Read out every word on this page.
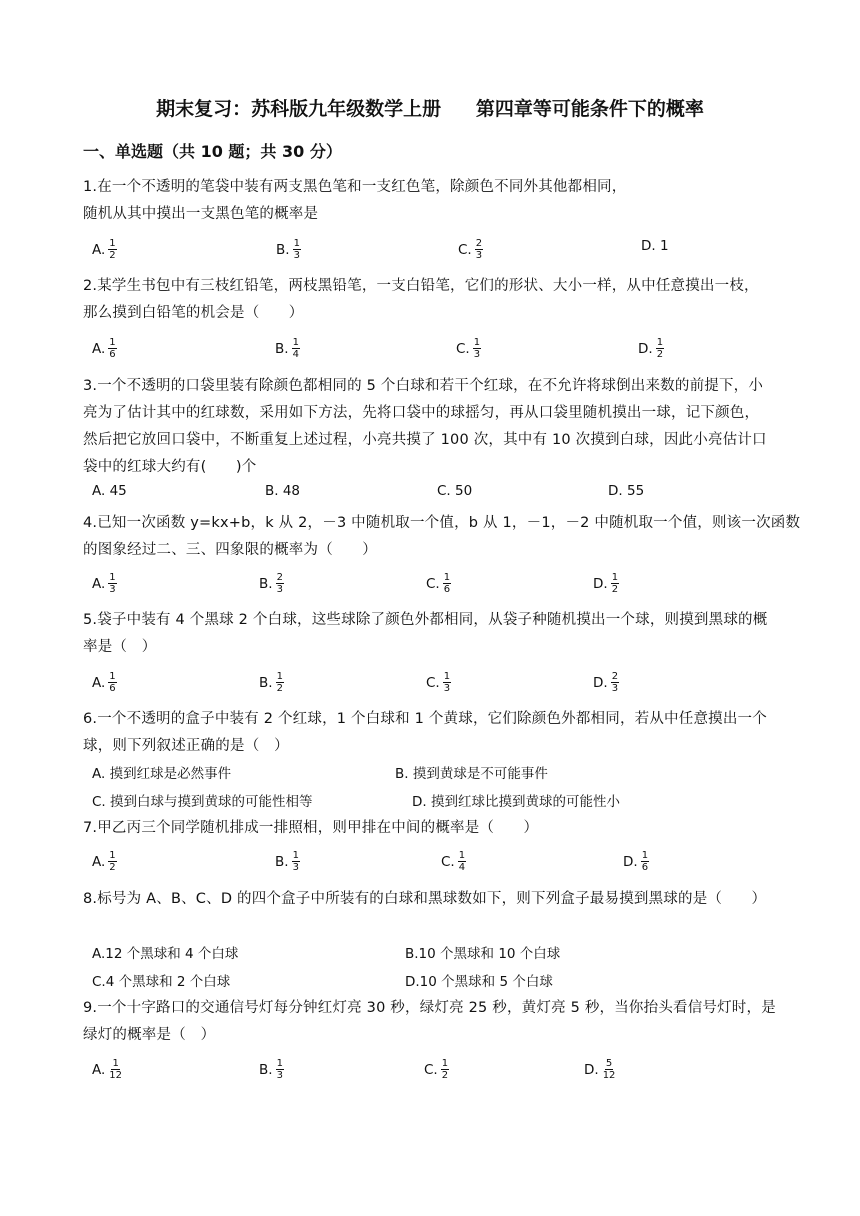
期末复习：苏科版九年级数学上册 第四章等可能条件下的概率
一、单选题（共 10 题；共 30 分）
1.在一个不透明的笔袋中装有两支黑色笔和一支红色笔，除颜色不同外其他都相同，
随机从其中摸出一支黑色笔的概率是
A. $\frac{1}{2}$	B. $\frac{1}{3}$	C. $\frac{2}{3}$	D. 1
2.某学生书包中有三枝红铅笔，两枝黑铅笔，一支白铅笔，它们的形状、大小一样，从中任意摸出一枝，
那么摸到白铅笔的机会是（　　）
A. $\frac{1}{6}$	B. $\frac{1}{4}$	C. $\frac{1}{3}$	D. $\frac{1}{2}$
3.一个不透明的口袋里装有除颜色都相同的 5 个白球和若干个红球，在不允许将球倒出来数的前提下，小
亮为了估计其中的红球数，采用如下方法，先将口袋中的球摇匀，再从口袋里随机摸出一球，记下颜色，
然后把它放回口袋中，不断重复上述过程，小亮共摸了 100 次，其中有 10 次摸到白球，因此小亮估计口
袋中的红球大约有(　　)个
A. 45	B. 48	C. 50	D. 55
4.已知一次函数 y=kx+b，k 从 2，－3 中随机取一个值，b 从 1，－1，－2 中随机取一个值，则该一次函数
的图象经过二、三、四象限的概率为（　　）
A. $\frac{1}{3}$	B. $\frac{2}{3}$	C. $\frac{1}{6}$	D. $\frac{1}{2}$
5.袋子中装有 4 个黑球 2 个白球，这些球除了颜色外都相同，从袋子种随机摸出一个球，则摸到黑球的概
率是（　）
A. $\frac{1}{6}$	B. $\frac{1}{2}$	C. $\frac{1}{3}$	D. $\frac{2}{3}$
6.一个不透明的盒子中装有 2 个红球，1 个白球和 1 个黄球，它们除颜色外都相同，若从中任意摸出一个
球，则下列叙述正确的是（　）
A. 摸到红球是必然事件	B. 摸到黄球是不可能事件
C. 摸到白球与摸到黄球的可能性相等	D. 摸到红球比摸到黄球的可能性小
7.甲乙丙三个同学随机排成一排照相，则甲排在中间的概率是（　　）
A. $\frac{1}{2}$	B. $\frac{1}{3}$	C. $\frac{1}{4}$	D. $\frac{1}{6}$
8.标号为 A、B、C、D 的四个盒子中所装有的白球和黑球数如下，则下列盒子最易摸到黑球的是（　　）
A.12 个黑球和 4 个白球	B.10 个黑球和 10 个白球
C.4 个黑球和 2 个白球	D.10 个黑球和 5 个白球
9.一个十字路口的交通信号灯每分钟红灯亮 30 秒，绿灯亮 25 秒，黄灯亮 5 秒，当你抬头看信号灯时，是
绿灯的概率是（　）
A. $\frac{1}{12}$	B. $\frac{1}{3}$	C. $\frac{1}{2}$	D. $\frac{5}{12}$
